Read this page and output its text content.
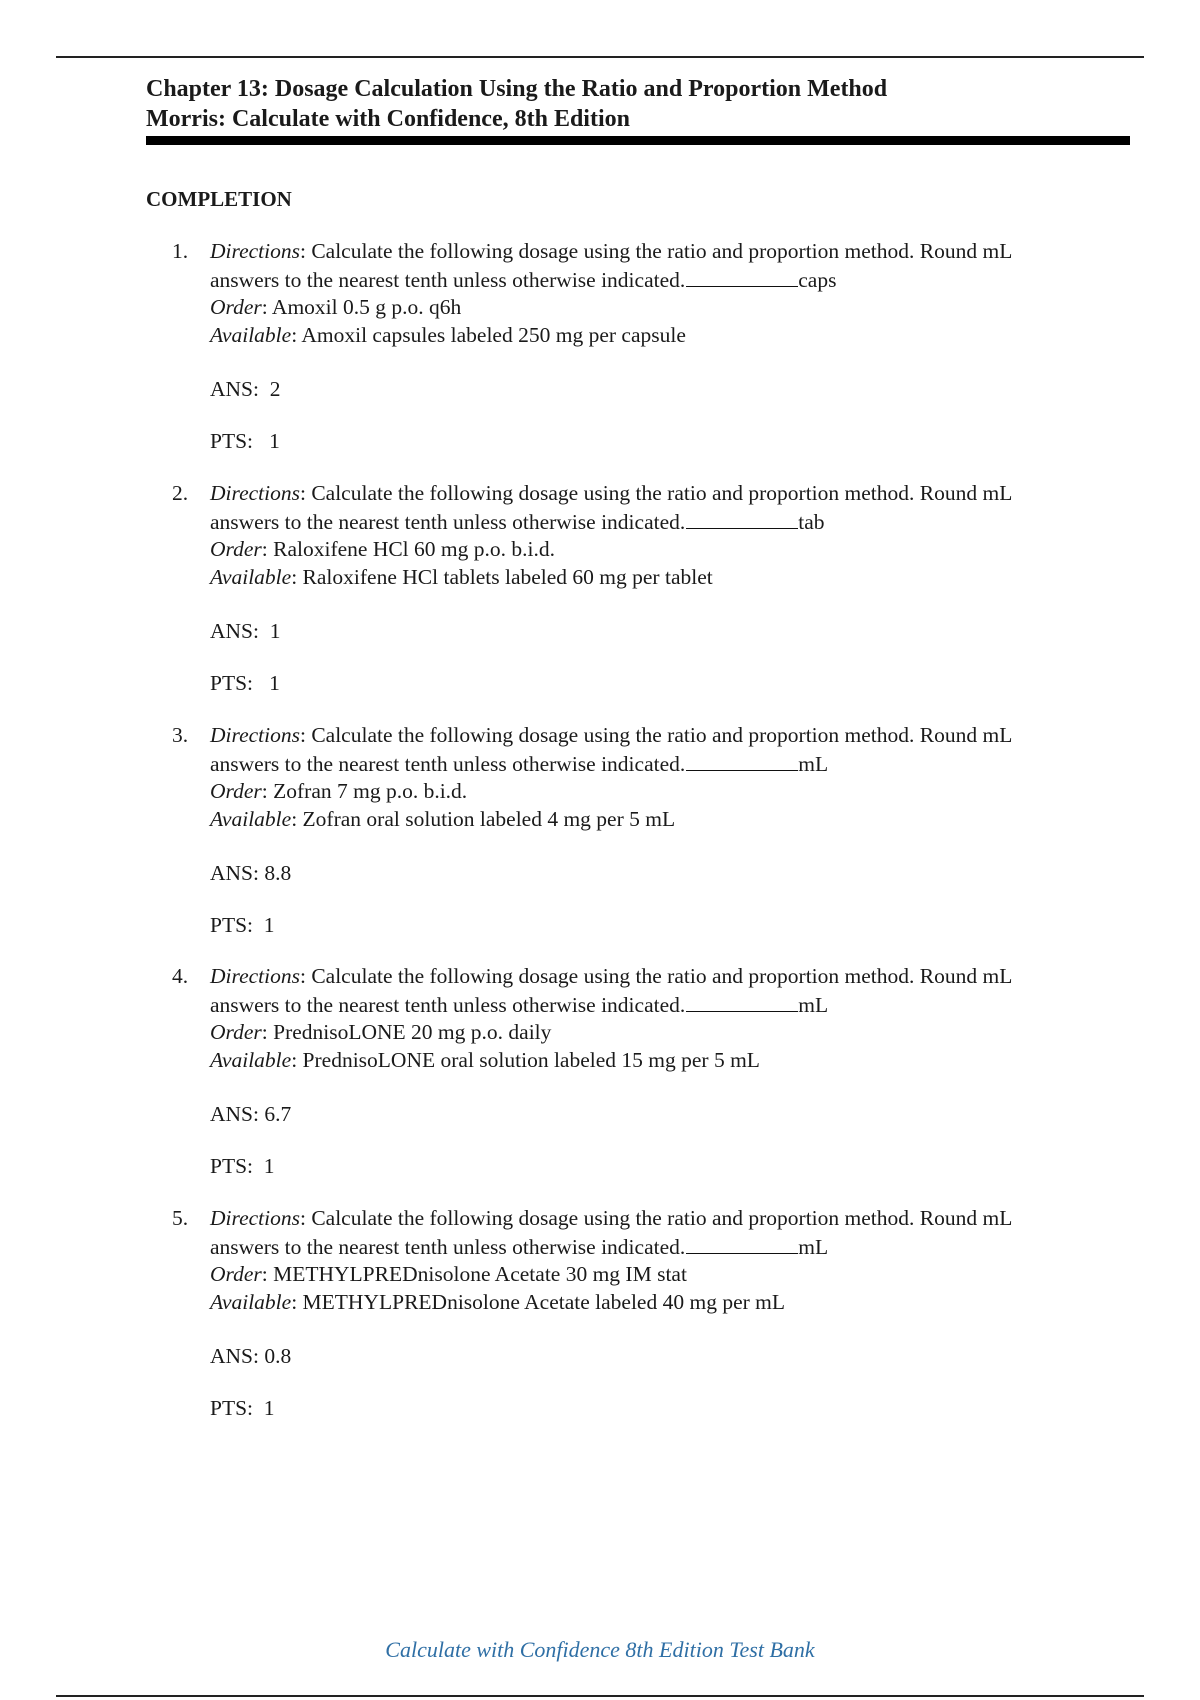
Chapter 13: Dosage Calculation Using the Ratio and Proportion Method
Morris: Calculate with Confidence, 8th Edition
COMPLETION
1.	Directions: Calculate the following dosage using the ratio and proportion method. Round mL
answers to the nearest tenth unless otherwise indicated.	caps
Order: Amoxil 0.5 g p.o. q6h
Available: Amoxil capsules labeled 250 mg per capsule
ANS: 2
PTS: 1
2.	Directions: Calculate the following dosage using the ratio and proportion method. Round mL
answers to the nearest tenth unless otherwise indicated.	tab
Order: Raloxifene HCl 60 mg p.o. b.i.d.
Available: Raloxifene HCl tablets labeled 60 mg per tablet
ANS: 1
PTS: 1
3.	Directions: Calculate the following dosage using the ratio and proportion method. Round mL
answers to the nearest tenth unless otherwise indicated.	mL
Order: Zofran 7 mg p.o. b.i.d.
Available: Zofran oral solution labeled 4 mg per 5 mL
ANS: 8.8
PTS: 1
4.	Directions: Calculate the following dosage using the ratio and proportion method. Round mL
answers to the nearest tenth unless otherwise indicated.	mL
Order: PrednisoLONE 20 mg p.o. daily
Available: PrednisoLONE oral solution labeled 15 mg per 5 mL
ANS: 6.7
PTS: 1
5.	Directions: Calculate the following dosage using the ratio and proportion method. Round mL
answers to the nearest tenth unless otherwise indicated.	mL
Order: METHYLPREDnisolone Acetate 30 mg IM stat
Available: METHYLPREDnisolone Acetate labeled 40 mg per mL
ANS: 0.8
PTS: 1
Calculate with Confidence 8th Edition Test Bank
